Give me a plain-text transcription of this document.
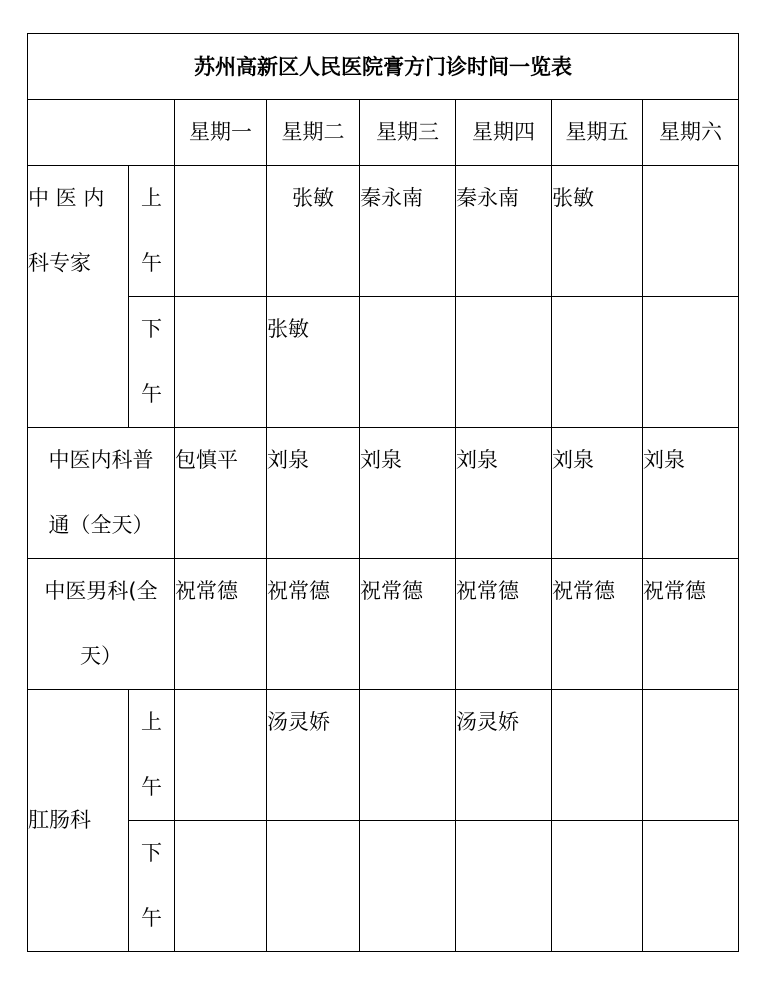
苏州高新区人民医院膏方门诊时间一览表							
		星期一	星期二	星期三	星期四	星期五	星期六

中 医 内
科专家	上
午		张敏	秦永南	秦永南	张敏	

	下
午		张敏				

中医内科普
通（全天）		包慎平	刘泉	刘泉	刘泉	刘泉	刘泉

中医男科(全
天）		祝常德	祝常德	祝常德	祝常德	祝常德	祝常德
肛肠科	上
午		汤灵娇		汤灵娇		

	下
午						
